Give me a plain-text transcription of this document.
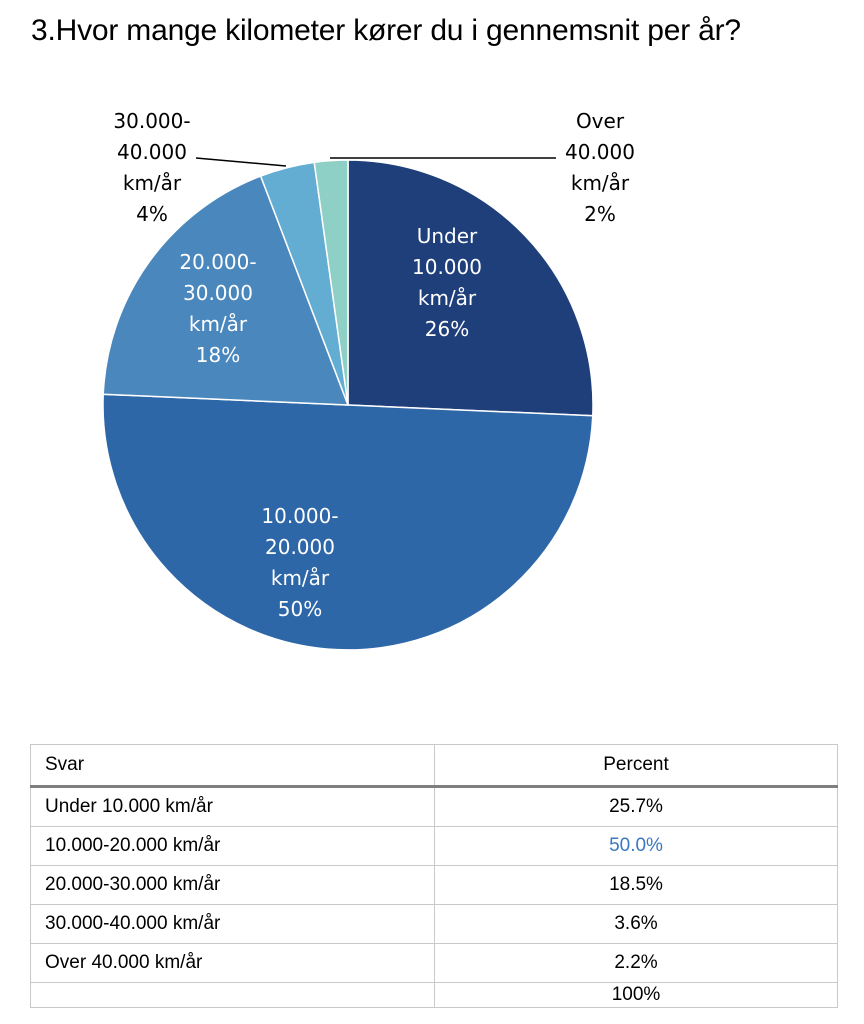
3.Hvor mange kilometer kører du i gennemsnit per år?
Under 10.000 km/år 26%
10.000-20.000 km/år 50%
20.000-30.000 km/år 18%
30.000-40.000 km/år 4%
Over 40.000 km/år 2%
Svar	Percent
Under 10.000 km/år	25.7%
10.000-20.000 km/år	50.0%
20.000-30.000 km/år	18.5%
30.000-40.000 km/år	3.6%
Over 40.000 km/år	2.2%
	100%
